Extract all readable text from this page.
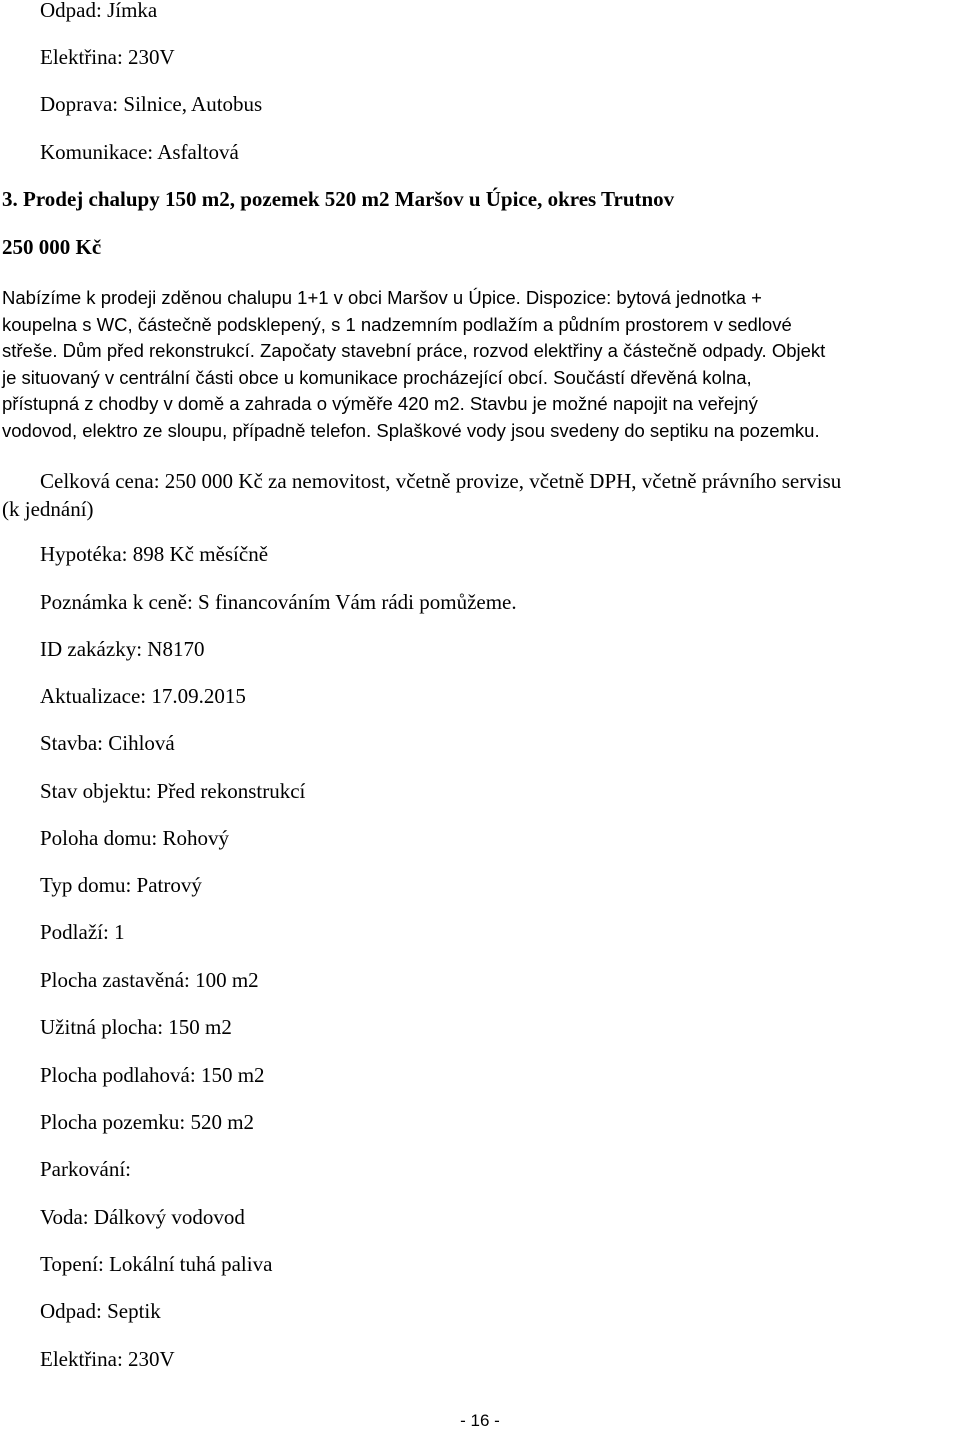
Odpad: Jímka
Elektřina: 230V
Doprava: Silnice, Autobus
Komunikace: Asfaltová
3. Prodej chalupy 150 m2, pozemek 520 m2 Maršov u Úpice, okres Trutnov
250 000 Kč

Nabízíme k prodeji zděnou chalupu 1+1 v obci Maršov u Úpice. Dispozice: bytová jednotka +
koupelna s WC, částečně podsklepený, s 1 nadzemním podlažím a půdním prostorem v sedlové
střeše. Dům před rekonstrukcí. Započaty stavební práce, rozvod elektřiny a částečně odpady. Objekt
je situovaný v centrální části obce u komunikace procházející obcí. Součástí dřevěná kolna,
přístupná z chodby v domě a zahrada o výměře 420 m2. Stavbu je možné napojit na veřejný
vodovod, elektro ze sloupu, případně telefon. Splaškové vody jsou svedeny do septiku na pozemku.

Celková cena: 250 000 Kč za nemovitost, včetně provize, včetně DPH, včetně právního servisu
(k jednání)
Hypotéka: 898 Kč měsíčně
Poznámka k ceně: S financováním Vám rádi pomůžeme.
ID zakázky: N8170
Aktualizace: 17.09.2015
Stavba: Cihlová
Stav objektu: Před rekonstrukcí
Poloha domu: Rohový
Typ domu: Patrový
Podlaží: 1
Plocha zastavěná: 100 m2
Užitná plocha: 150 m2
Plocha podlahová: 150 m2
Plocha pozemku: 520 m2
Parkování:
Voda: Dálkový vodovod
Topení: Lokální tuhá paliva
Odpad: Septik
Elektřina: 230V
- 16 -
